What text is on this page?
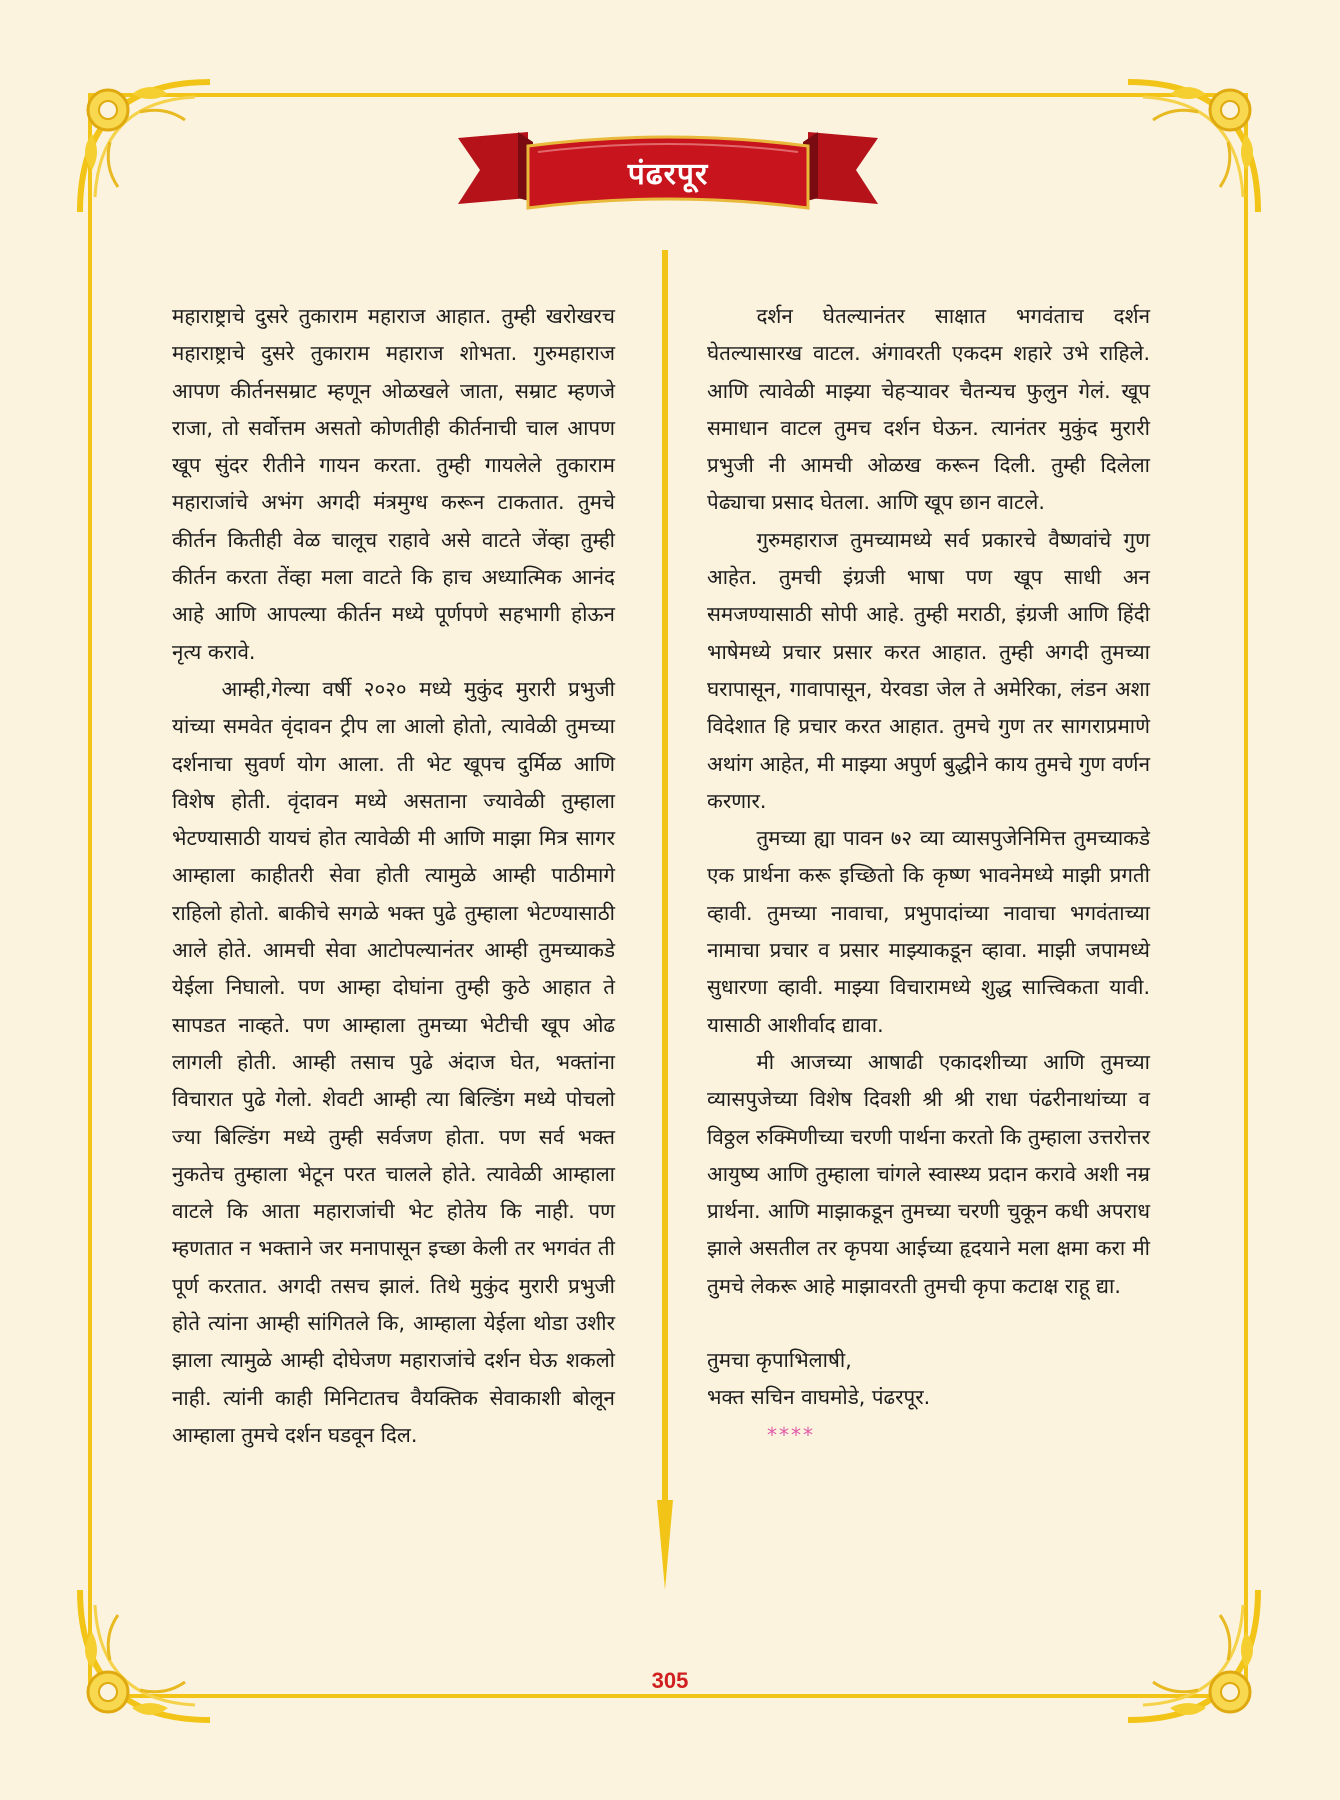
पंढरपूर

महाराष्ट्राचे दुसरे तुकाराम महाराज आहात. तुम्ही खरोखरच महाराष्ट्राचे दुसरे तुकाराम महाराज शोभता. गुरुमहाराज आपण कीर्तनसम्राट म्हणून ओळखले जाता, सम्राट म्हणजे राजा, तो सर्वोत्तम असतो कोणतीही कीर्तनाची चाल आपण खूप सुंदर रीतीने गायन करता. तुम्ही गायलेले तुकाराम महाराजांचे अभंग अगदी मंत्रमुग्ध करून टाकतात. तुमचे कीर्तन कितीही वेळ चालूच राहावे असे वाटते जेंव्हा तुम्ही कीर्तन करता तेंव्हा मला वाटते कि हाच अध्यात्मिक आनंद आहे आणि आपल्या कीर्तन मध्ये पूर्णपणे सहभागी होऊन नृत्य करावे.

आम्ही,गेल्या वर्षी २०२० मध्ये मुकुंद मुरारी प्रभुजी यांच्या समवेत वृंदावन ट्रीप ला आलो होतो, त्यावेळी तुमच्या दर्शनाचा सुवर्ण योग आला. ती भेट खूपच दुर्मिळ आणि विशेष होती. वृंदावन मध्ये असताना ज्यावेळी तुम्हाला भेटण्यासाठी यायचं होत त्यावेळी मी आणि माझा मित्र सागर आम्हाला काहीतरी सेवा होती त्यामुळे आम्ही पाठीमागे राहिलो होतो. बाकीचे सगळे भक्त पुढे तुम्हाला भेटण्यासाठी आले होते. आमची सेवा आटोपल्यानंतर आम्ही तुमच्याकडे येईला निघालो. पण आम्हा दोघांना तुम्ही कुठे आहात ते सापडत नाव्हते. पण आम्हाला तुमच्या भेटीची खूप ओढ लागली होती. आम्ही तसाच पुढे अंदाज घेत, भक्तांना विचारात पुढे गेलो. शेवटी आम्ही त्या बिल्डिंग मध्ये पोचलो ज्या बिल्डिंग मध्ये तुम्ही सर्वजण होता. पण सर्व भक्त नुकतेच तुम्हाला भेटून परत चालले होते. त्यावेळी आम्हाला वाटले कि आता महाराजांची भेट होतेय कि नाही. पण म्हणतात न भक्ताने जर मनापासून इच्छा केली तर भगवंत ती पूर्ण करतात. अगदी तसच झालं. तिथे मुकुंद मुरारी प्रभुजी होते त्यांना आम्ही सांगितले कि, आम्हाला येईला थोडा उशीर झाला त्यामुळे आम्ही दोघेजण महाराजांचे दर्शन घेऊ शकलो नाही. त्यांनी काही मिनिटातच वैयक्तिक सेवाकाशी बोलून आम्हाला तुमचे दर्शन घडवून दिल.

दर्शन घेतल्यानंतर साक्षात भगवंताच दर्शन घेतल्यासारख वाटल. अंगावरती एकदम शहारे उभे राहिले. आणि त्यावेळी माझ्या चेहऱ्यावर चैतन्यच फुलुन गेलं. खूप समाधान वाटल तुमच दर्शन घेऊन. त्यानंतर मुकुंद मुरारी प्रभुजी नी आमची ओळख करून दिली. तुम्ही दिलेला पेढ्याचा प्रसाद घेतला. आणि खूप छान वाटले.

गुरुमहाराज तुमच्यामध्ये सर्व प्रकारचे वैष्णवांचे गुण आहेत. तुमची इंग्रजी भाषा पण खूप साधी अन समजण्यासाठी सोपी आहे. तुम्ही मराठी, इंग्रजी आणि हिंदी भाषेमध्ये प्रचार प्रसार करत आहात. तुम्ही अगदी तुमच्या घरापासून, गावापासून, येरवडा जेल ते अमेरिका, लंडन अशा विदेशात हि प्रचार करत आहात. तुमचे गुण तर सागराप्रमाणे अथांग आहेत, मी माझ्या अपुर्ण बुद्धीने काय तुमचे गुण वर्णन करणार.

तुमच्या ह्या पावन ७२ व्या व्यासपुजेनिमित्त तुमच्याकडे एक प्रार्थना करू इच्छितो कि कृष्ण भावनेमध्ये माझी प्रगती व्हावी. तुमच्या नावाचा, प्रभुपादांच्या नावाचा भगवंताच्या नामाचा प्रचार व प्रसार माझ्याकडून व्हावा. माझी जपामध्ये सुधारणा व्हावी. माझ्या विचारामध्ये शुद्ध सात्त्विकता यावी. यासाठी आशीर्वाद द्यावा.

मी आजच्या आषाढी एकादशीच्या आणि तुमच्या व्यासपुजेच्या विशेष दिवशी श्री श्री राधा पंढरीनाथांच्या व विठ्ठल रुक्मिणीच्या चरणी पार्थना करतो कि तुम्हाला उत्तरोत्तर आयुष्य आणि तुम्हाला चांगले स्वास्थ्य प्रदान करावे अशी नम्र प्रार्थना. आणि माझाकडून तुमच्या चरणी चुकून कधी अपराध झाले असतील तर कृपया आईच्या हृदयाने मला क्षमा करा मी तुमचे लेकरू आहे माझावरती तुमची कृपा कटाक्ष राहू द्या.

तुमचा कृपाभिलाषी,
भक्त सचिन वाघमोडे, पंढरपूर.
****
305
